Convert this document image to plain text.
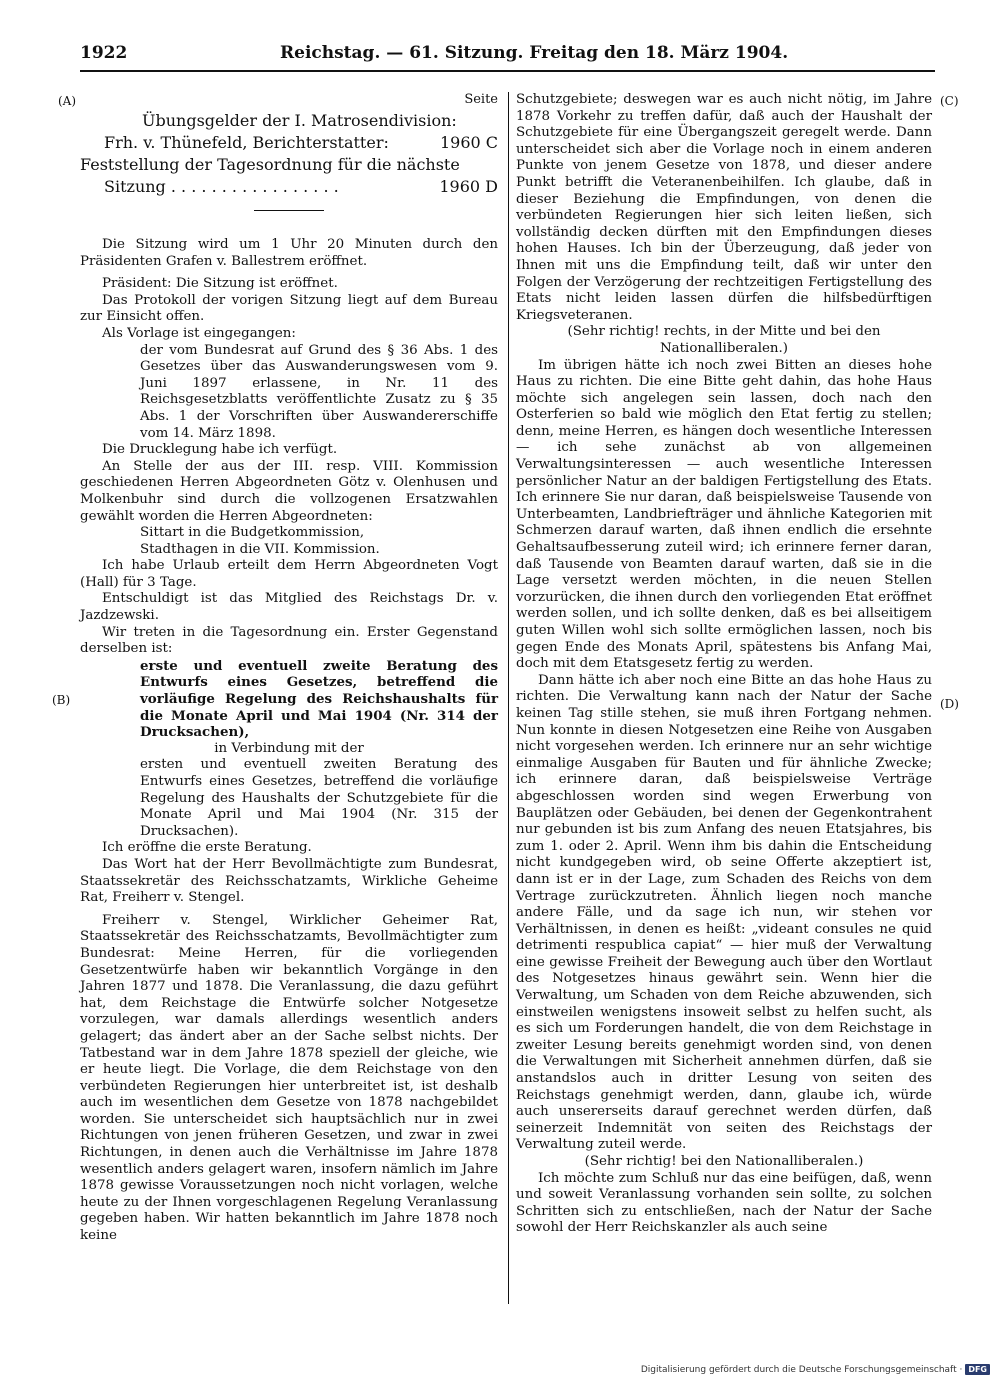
1922	Reichstag. — 61. Sitzung. Freitag den 18. März 1904.
(A)
(B)
(C)
(D)
Seite
Übungsgelder der I. Matrosendivision:
Frh. v. Thünefeld, Berichterstatter:	1960 C
Feststellung der Tagesordnung für die nächste
Sitzung . . . . . . . . . . . . . . . . .	1960 D

Die Sitzung wird um 1 Uhr 20 Minuten durch den Präsidenten Grafen v. Ballestrem eröffnet.

Präsident: Die Sitzung ist eröffnet.

Das Protokoll der vorigen Sitzung liegt auf dem Bureau zur Einsicht offen.

Als Vorlage ist eingegangen:

der vom Bundesrat auf Grund des § 36 Abs. 1 des Gesetzes über das Auswanderungswesen vom 9. Juni 1897 erlassene, in Nr. 11 des Reichsgesetzblatts veröffentlichte Zusatz zu § 35 Abs. 1 der Vorschriften über Auswandererschiffe vom 14. März 1898.

Die Drucklegung habe ich verfügt.

An Stelle der aus der III. resp. VIII. Kommission geschiedenen Herren Abgeordneten Götz v. Olenhusen und Molkenbuhr sind durch die vollzogenen Ersatzwahlen gewählt worden die Herren Abgeordneten:

Sittart in die Budgetkommission,

Stadthagen in die VII. Kommission.

Ich habe Urlaub erteilt dem Herrn Abgeordneten Vogt (Hall) für 3 Tage.

Entschuldigt ist das Mitglied des Reichstags Dr. v. Jazdzewski.

Wir treten in die Tagesordnung ein. Erster Gegenstand derselben ist:

erste und eventuell zweite Beratung des Entwurfs eines Gesetzes, betreffend die vorläufige Regelung des Reichshaushalts für die Monate April und Mai 1904 (Nr. 314 der Drucksachen),

in Verbindung mit der

ersten und eventuell zweiten Beratung des Entwurfs eines Gesetzes, betreffend die vorläufige Regelung des Haushalts der Schutzgebiete für die Monate April und Mai 1904 (Nr. 315 der Drucksachen).

Ich eröffne die erste Beratung.

Das Wort hat der Herr Bevollmächtigte zum Bundesrat, Staatssekretär des Reichsschatzamts, Wirkliche Geheime Rat, Freiherr v. Stengel.

Freiherr v. Stengel, Wirklicher Geheimer Rat, Staatssekretär des Reichsschatzamts, Bevollmächtigter zum Bundesrat: Meine Herren, für die vorliegenden Gesetzentwürfe haben wir bekanntlich Vorgänge in den Jahren 1877 und 1878. Die Veranlassung, die dazu geführt hat, dem Reichstage die Entwürfe solcher Notgesetze vorzulegen, war damals allerdings wesentlich anders gelagert; das ändert aber an der Sache selbst nichts. Der Tatbestand war in dem Jahre 1878 speziell der gleiche, wie er heute liegt. Die Vorlage, die dem Reichstage von den verbündeten Regierungen hier unterbreitet ist, ist deshalb auch im wesentlichen dem Gesetze von 1878 nachgebildet worden. Sie unterscheidet sich hauptsächlich nur in zwei Richtungen von jenen früheren Gesetzen, und zwar in zwei Richtungen, in denen auch die Verhältnisse im Jahre 1878 wesentlich anders gelagert waren, insofern nämlich im Jahre 1878 gewisse Voraussetzungen noch nicht vorlagen, welche heute zu der Ihnen vorgeschlagenen Regelung Veranlassung gegeben haben. Wir hatten bekanntlich im Jahre 1878 noch keine

Schutzgebiete; deswegen war es auch nicht nötig, im Jahre 1878 Vorkehr zu treffen dafür, daß auch der Haushalt der Schutzgebiete für eine Übergangszeit geregelt werde. Dann unterscheidet sich aber die Vorlage noch in einem anderen Punkte von jenem Gesetze von 1878, und dieser andere Punkt betrifft die Veteranenbeihilfen. Ich glaube, daß in dieser Beziehung die Empfindungen, von denen die verbündeten Regierungen hier sich leiten ließen, sich vollständig decken dürften mit den Empfindungen dieses hohen Hauses. Ich bin der Überzeugung, daß jeder von Ihnen mit uns die Empfindung teilt, daß wir unter den Folgen der Verzögerung der rechtzeitigen Fertigstellung des Etats nicht leiden lassen dürfen die hilfsbedürftigen Kriegsveteranen.

(Sehr richtig! rechts, in der Mitte und bei den Nationalliberalen.)

Im übrigen hätte ich noch zwei Bitten an dieses hohe Haus zu richten. Die eine Bitte geht dahin, das hohe Haus möchte sich angelegen sein lassen, doch nach den Osterferien so bald wie möglich den Etat fertig zu stellen; denn, meine Herren, es hängen doch wesentliche Interessen — ich sehe zunächst ab von allgemeinen Verwaltungsinteressen — auch wesentliche Interessen persönlicher Natur an der baldigen Fertigstellung des Etats. Ich erinnere Sie nur daran, daß beispielsweise Tausende von Unterbeamten, Landbriefträger und ähnliche Kategorien mit Schmerzen darauf warten, daß ihnen endlich die ersehnte Gehaltsaufbesserung zuteil wird; ich erinnere ferner daran, daß Tausende von Beamten darauf warten, daß sie in die Lage versetzt werden möchten, in die neuen Stellen vorzurücken, die ihnen durch den vorliegenden Etat eröffnet werden sollen, und ich sollte denken, daß es bei allseitigem guten Willen wohl sich sollte ermöglichen lassen, noch bis gegen Ende des Monats April, spätestens bis Anfang Mai, doch mit dem Etatsgesetz fertig zu werden.

Dann hätte ich aber noch eine Bitte an das hohe Haus zu richten. Die Verwaltung kann nach der Natur der Sache keinen Tag stille stehen, sie muß ihren Fortgang nehmen. Nun konnte in diesen Notgesetzen eine Reihe von Ausgaben nicht vorgesehen werden. Ich erinnere nur an sehr wichtige einmalige Ausgaben für Bauten und für ähnliche Zwecke; ich erinnere daran, daß beispielsweise Verträge abgeschlossen worden sind wegen Erwerbung von Bauplätzen oder Gebäuden, bei denen der Gegenkontrahent nur gebunden ist bis zum Anfang des neuen Etatsjahres, bis zum 1. oder 2. April. Wenn ihm bis dahin die Entscheidung nicht kundgegeben wird, ob seine Offerte akzeptiert ist, dann ist er in der Lage, zum Schaden des Reichs von dem Vertrage zurückzutreten. Ähnlich liegen noch manche andere Fälle, und da sage ich nun, wir stehen vor Verhältnissen, in denen es heißt: „videant consules ne quid detrimenti respublica capiat“ — hier muß der Verwaltung eine gewisse Freiheit der Bewegung auch über den Wortlaut des Notgesetzes hinaus gewährt sein. Wenn hier die Verwaltung, um Schaden von dem Reiche abzuwenden, sich einstweilen wenigstens insoweit selbst zu helfen sucht, als es sich um Forderungen handelt, die von dem Reichstage in zweiter Lesung bereits genehmigt worden sind, von denen die Verwaltungen mit Sicherheit annehmen dürfen, daß sie anstandslos auch in dritter Lesung von seiten des Reichstags genehmigt werden, dann, glaube ich, würde auch unsererseits darauf gerechnet werden dürfen, daß seinerzeit Indemnität von seiten des Reichstags der Verwaltung zuteil werde.

(Sehr richtig! bei den Nationalliberalen.)

Ich möchte zum Schluß nur das eine beifügen, daß, wenn und soweit Veranlassung vorhanden sein sollte, zu solchen Schritten sich zu entschließen, nach der Natur der Sache sowohl der Herr Reichskanzler als auch seine

Digitalisierung gefördert durch die Deutsche Forschungsgemeinschaft · DFG
